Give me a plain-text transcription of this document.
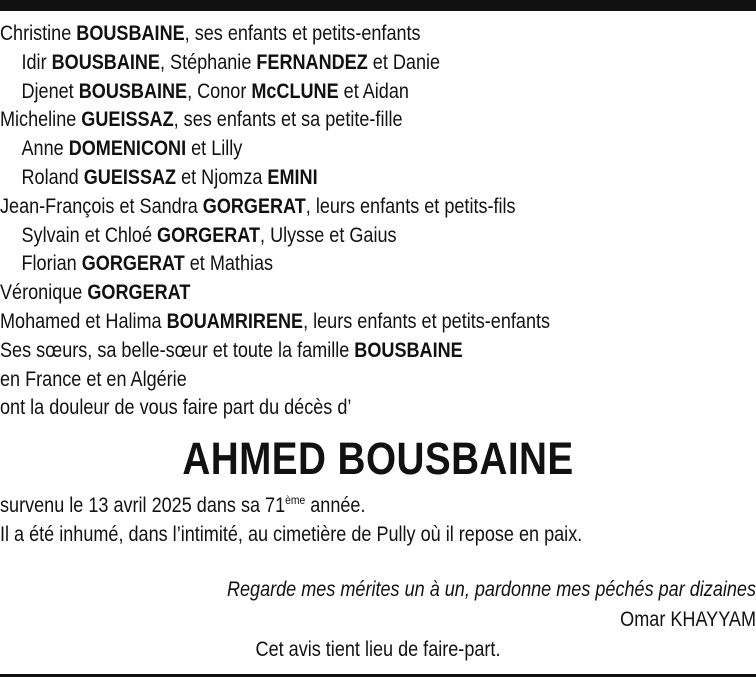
Christine BOUSBAINE, ses enfants et petits-enfants
Idir BOUSBAINE, Stéphanie FERNANDEZ et Danie
Djenet BOUSBAINE, Conor McCLUNE et Aidan
Micheline GUEISSAZ, ses enfants et sa petite-fille
Anne DOMENICONI et Lilly
Roland GUEISSAZ et Njomza EMINI
Jean-François et Sandra GORGERAT, leurs enfants et petits-fils
Sylvain et Chloé GORGERAT, Ulysse et Gaius
Florian GORGERAT et Mathias
Véronique GORGERAT
Mohamed et Halima BOUAMRIRENE, leurs enfants et petits-enfants
Ses sœurs, sa belle-sœur et toute la famille BOUSBAINE
en France et en Algérie
ont la douleur de vous faire part du décès d’
AHMED BOUSBAINE
survenu le 13 avril 2025 dans sa 71ème année.
Il a été inhumé, dans l’intimité, au cimetière de Pully où il repose en paix.
Regarde mes mérites un à un, pardonne mes péchés par dizaines
Omar KHAYYAM
Cet avis tient lieu de faire-part.
